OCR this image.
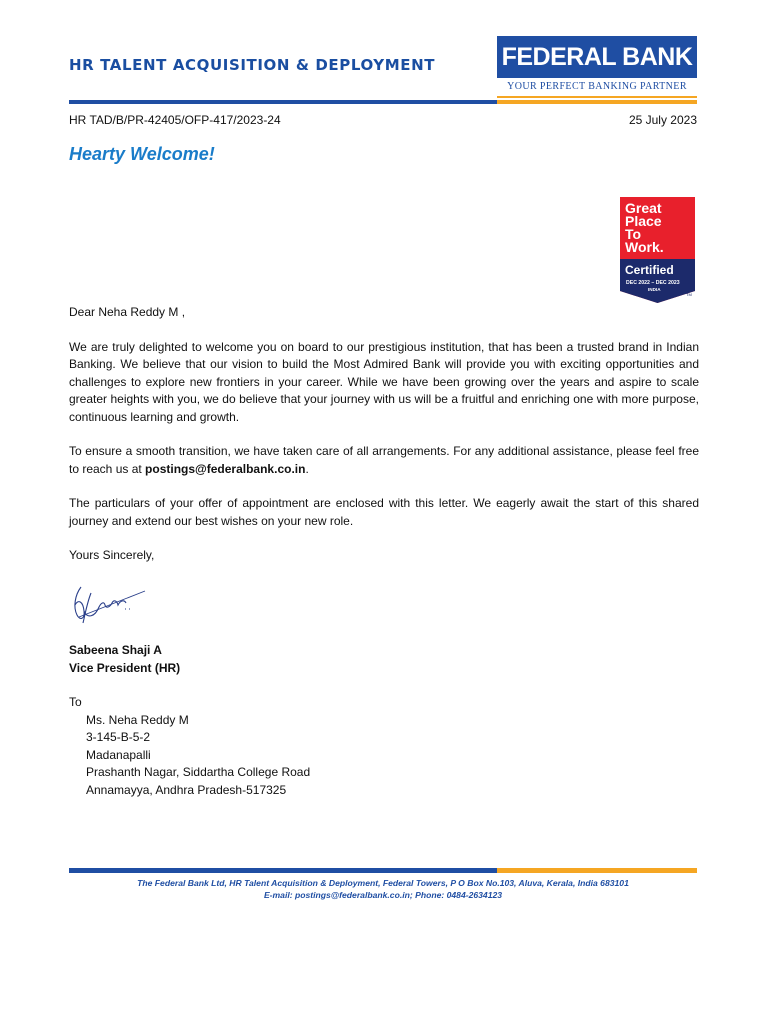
HR TALENT ACQUISITION & DEPLOYMENT	FEDERAL BANK
YOUR PERFECT BANKING PARTNER
HR TAD/B/PR-42405/OFP-417/2023-24	25 July 2023
Hearty Welcome!
Great
Place
To
Work.
Certified
DEC 2022 – DEC 2023
INDIA
TM

Dear Neha Reddy M ,

We are truly delighted to welcome you on board to our prestigious institution, that has been a trusted brand in Indian Banking. We believe that our vision to build the Most Admired Bank will provide you with exciting opportunities and challenges to explore new frontiers in your career. While we have been growing over the years and aspire to scale greater heights with you, we do believe that your journey with us will be a fruitful and enriching one with more purpose, continuous learning and growth.

To ensure a smooth transition, we have taken care of all arrangements. For any additional assistance, please feel free to reach us at postings@federalbank.co.in.

The particulars of your offer of appointment are enclosed with this letter. We eagerly await the start of this shared journey and extend our best wishes on your new role.

Yours Sincerely,

Sabeena Shaji A

Vice President (HR)

To

Ms. Neha Reddy M

3-145-B-5-2

Madanapalli

Prashanth Nagar, Siddartha College Road

Annamayya, Andhra Pradesh-517325

The Federal Bank Ltd, HR Talent Acquisition & Deployment, Federal Towers, P O Box No.103, Aluva, Kerala, India 683101
E-mail: postings@federalbank.co.in; Phone: 0484-2634123
